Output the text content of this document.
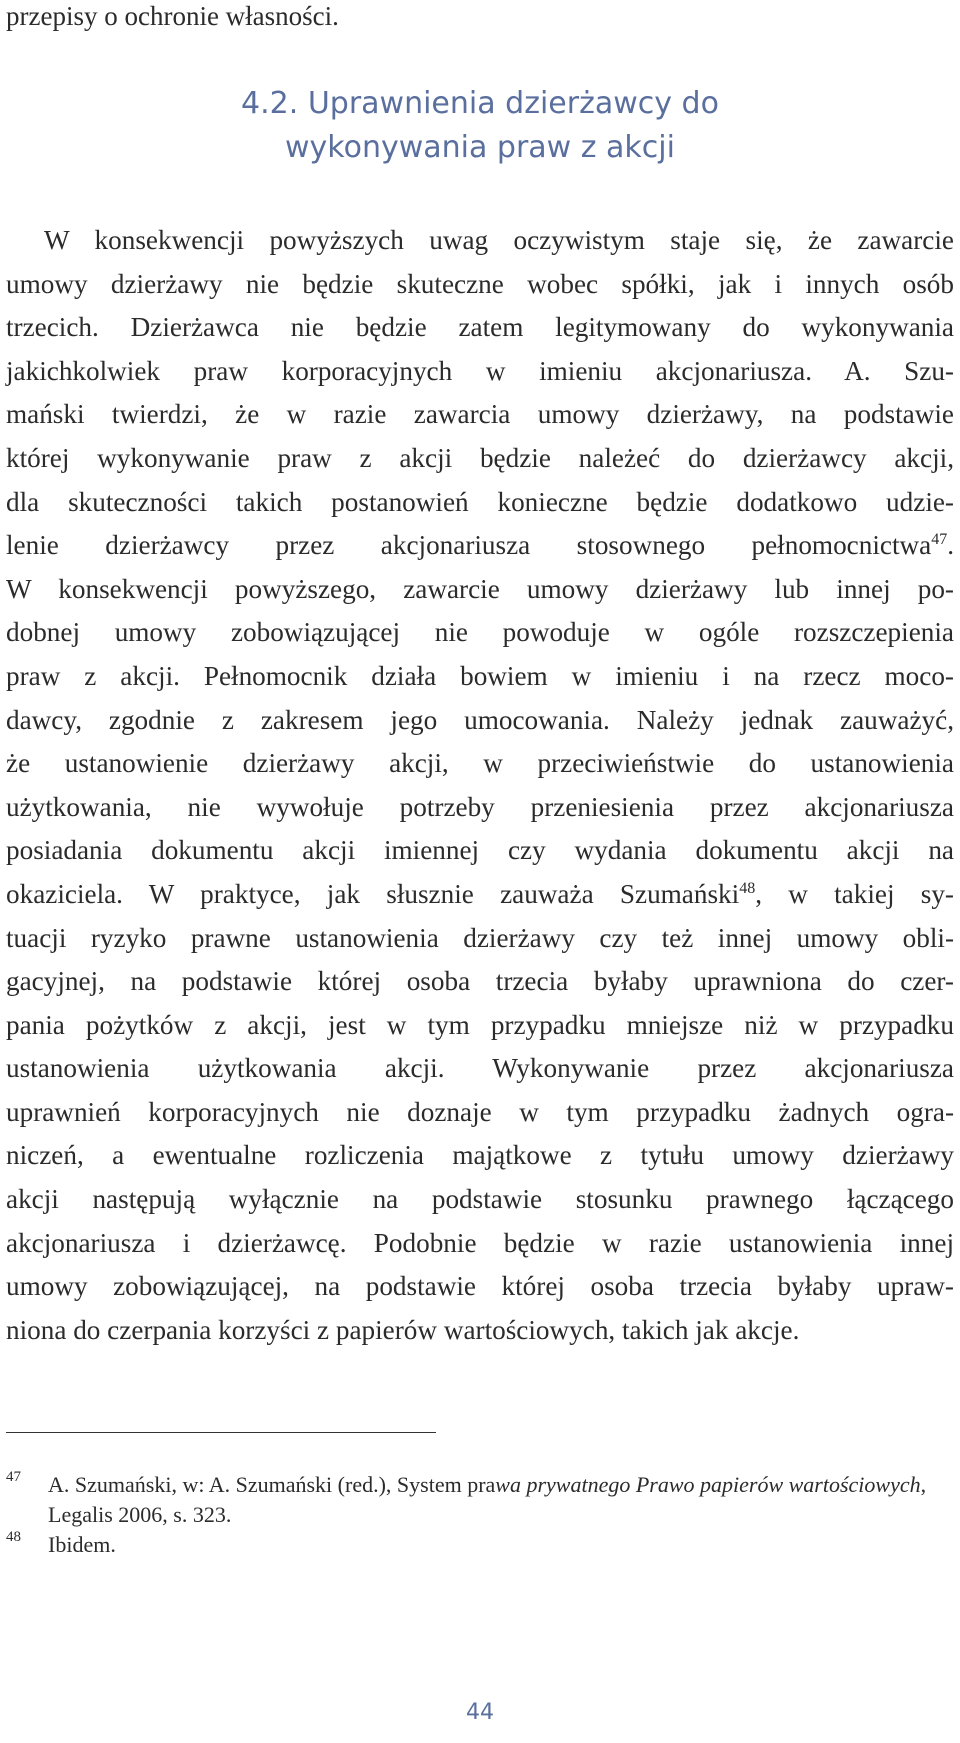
przepisy o ochronie własności.

4.2. Uprawnienia dzierżawcy do
wykonywania praw z akcji

W konsekwencji powyższych uwag oczywistym staje się, że zawarcie
umowy dzierżawy nie będzie skuteczne wobec spółki, jak i innych osób
trzecich. Dzierżawca nie będzie zatem legitymowany do wykonywania
jakichkolwiek praw korporacyjnych w imieniu akcjonariusza. A. Szu-
mański twierdzi, że w razie zawarcia umowy dzierżawy, na podstawie
której wykonywanie praw z akcji będzie należeć do dzierżawcy akcji,
dla skuteczności takich postanowień konieczne będzie dodatkowo udzie-
lenie dzierżawcy przez akcjonariusza stosownego pełnomocnictwa$^{47}$.
W konsekwencji powyższego, zawarcie umowy dzierżawy lub innej po-
dobnej umowy zobowiązującej nie powoduje w ogóle rozszczepienia
praw z akcji. Pełnomocnik działa bowiem w imieniu i na rzecz moco-
dawcy, zgodnie z zakresem jego umocowania. Należy jednak zauważyć,
że ustanowienie dzierżawy akcji, w przeciwieństwie do ustanowienia
użytkowania, nie wywołuje potrzeby przeniesienia przez akcjonariusza
posiadania dokumentu akcji imiennej czy wydania dokumentu akcji na
okaziciela. W praktyce, jak słusznie zauważa Szumański$^{48}$, w takiej sy-
tuacji ryzyko prawne ustanowienia dzierżawy czy też innej umowy obli-
gacyjnej, na podstawie której osoba trzecia byłaby uprawniona do czer-
pania pożytków z akcji, jest w tym przypadku mniejsze niż w przypadku
ustanowienia użytkowania akcji. Wykonywanie przez akcjonariusza
uprawnień korporacyjnych nie doznaje w tym przypadku żadnych ogra-
niczeń, a ewentualne rozliczenia majątkowe z tytułu umowy dzierżawy
akcji następują wyłącznie na podstawie stosunku prawnego łączącego
akcjonariusza i dzierżawcę. Podobnie będzie w razie ustanowienia innej
umowy zobowiązującej, na podstawie której osoba trzecia byłaby upraw-
niona do czerpania korzyści z papierów wartościowych, takich jak akcje.

47 A. Szumański, w: A. Szumański (red.), System prawa prywatnego Prawo papierów wartościowych, Legalis 2006, s. 323.

48 Ibidem.

44
